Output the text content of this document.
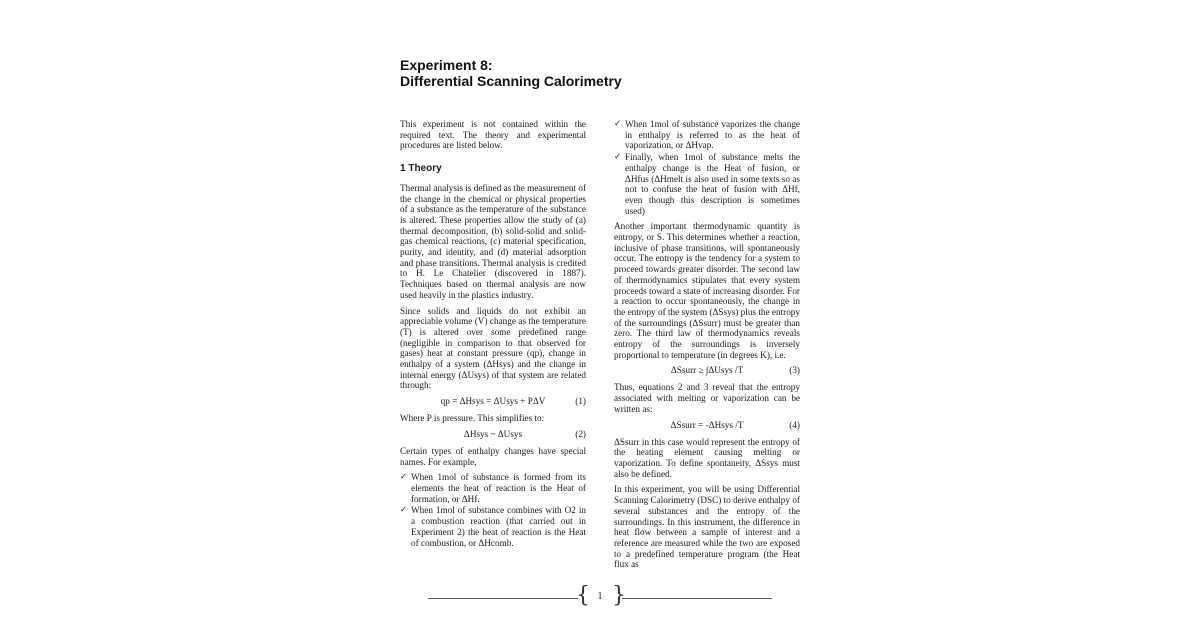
Experiment 8:
Differential Scanning Calorimetry

This experiment is not contained within the required text. The theory and experimental procedures are listed below.

1 Theory

Thermal analysis is defined as the measurement of the change in the chemical or physical properties of a substance as the temperature of the substance is altered. These properties allow the study of (a) thermal decomposition, (b) solid-solid and solid-gas chemical reactions, (c) material specification, purity, and identity, and (d) material adsorption and phase transitions. Thermal analysis is credited to H. Le Chatelier (discovered in 1887). Techniques based on thermal analysis are now used heavily in the plastics industry.

Since solids and liquids do not exhibit an appreciable volume (V) change as the temperature (T) is altered over some predefined range (negligible in comparison to that observed for gases) heat at constant pressure (qp), change in enthalpy of a system (ΔHsys) and the change in internal energy (ΔUsys) of that system are related through:

qp = ΔHsys = ΔUsys + PΔV	(1)

Where P is pressure. This simplifies to:

ΔHsys ~ ΔUsys	(2)

Certain types of enthalpy changes have special names. For example,

✓ When 1mol of substance is formed from its elements the heat of reaction is the Heat of formation, or ΔHf.
✓ When 1mol of substance combines with O2 in a combustion reaction (that carried out in Experiment 2) the heat of reaction is the Heat of combustion, or ΔHcomb.
✓ When 1mol of substance vaporizes the change in enthalpy is referred to as the heat of vaporization, or ΔHvap.
✓ Finally, when 1mol of substance melts the enthalpy change is the Heat of fusion, or ΔHfus (ΔHmelt is also used in some texts so as not to confuse the heat of fusion with ΔHf, even though this description is sometimes used)

Another important thermodynamic quantity is entropy, or S. This determines whether a reaction, inclusive of phase transitions, will spontaneously occur. The entropy is the tendency for a system to proceed towards greater disorder. The second law of thermodynamics stipulates that every system proceeds toward a state of increasing disorder. For a reaction to occur spontaneously, the change in the entropy of the system (ΔSsys) plus the entropy of the surroundings (ΔSsurr) must be greater than zero. The third law of thermodynamics reveals entropy of the surroundings is inversely proportional to temperature (in degrees K), i.e.

ΔSsurr ≥ ∫ΔUsys /T	(3)

Thus, equations 2 and 3 reveal that the entropy associated with melting or vaporization can be written as:

ΔSsurr = -ΔHsys /T	(4)

ΔSsurr in this case would represent the entropy of the heating element causing melting or vaporization. To define spontaneity, ΔSsys must also be defined.

In this experiment, you will be using Differential Scanning Calorimetry (DSC) to derive enthalpy of several substances and the entropy of the surroundings. In this instrument, the difference in heat flow between a sample of interest and a reference are measured while the two are exposed to a predefined temperature program (the Heat flux as

{ 1 }
